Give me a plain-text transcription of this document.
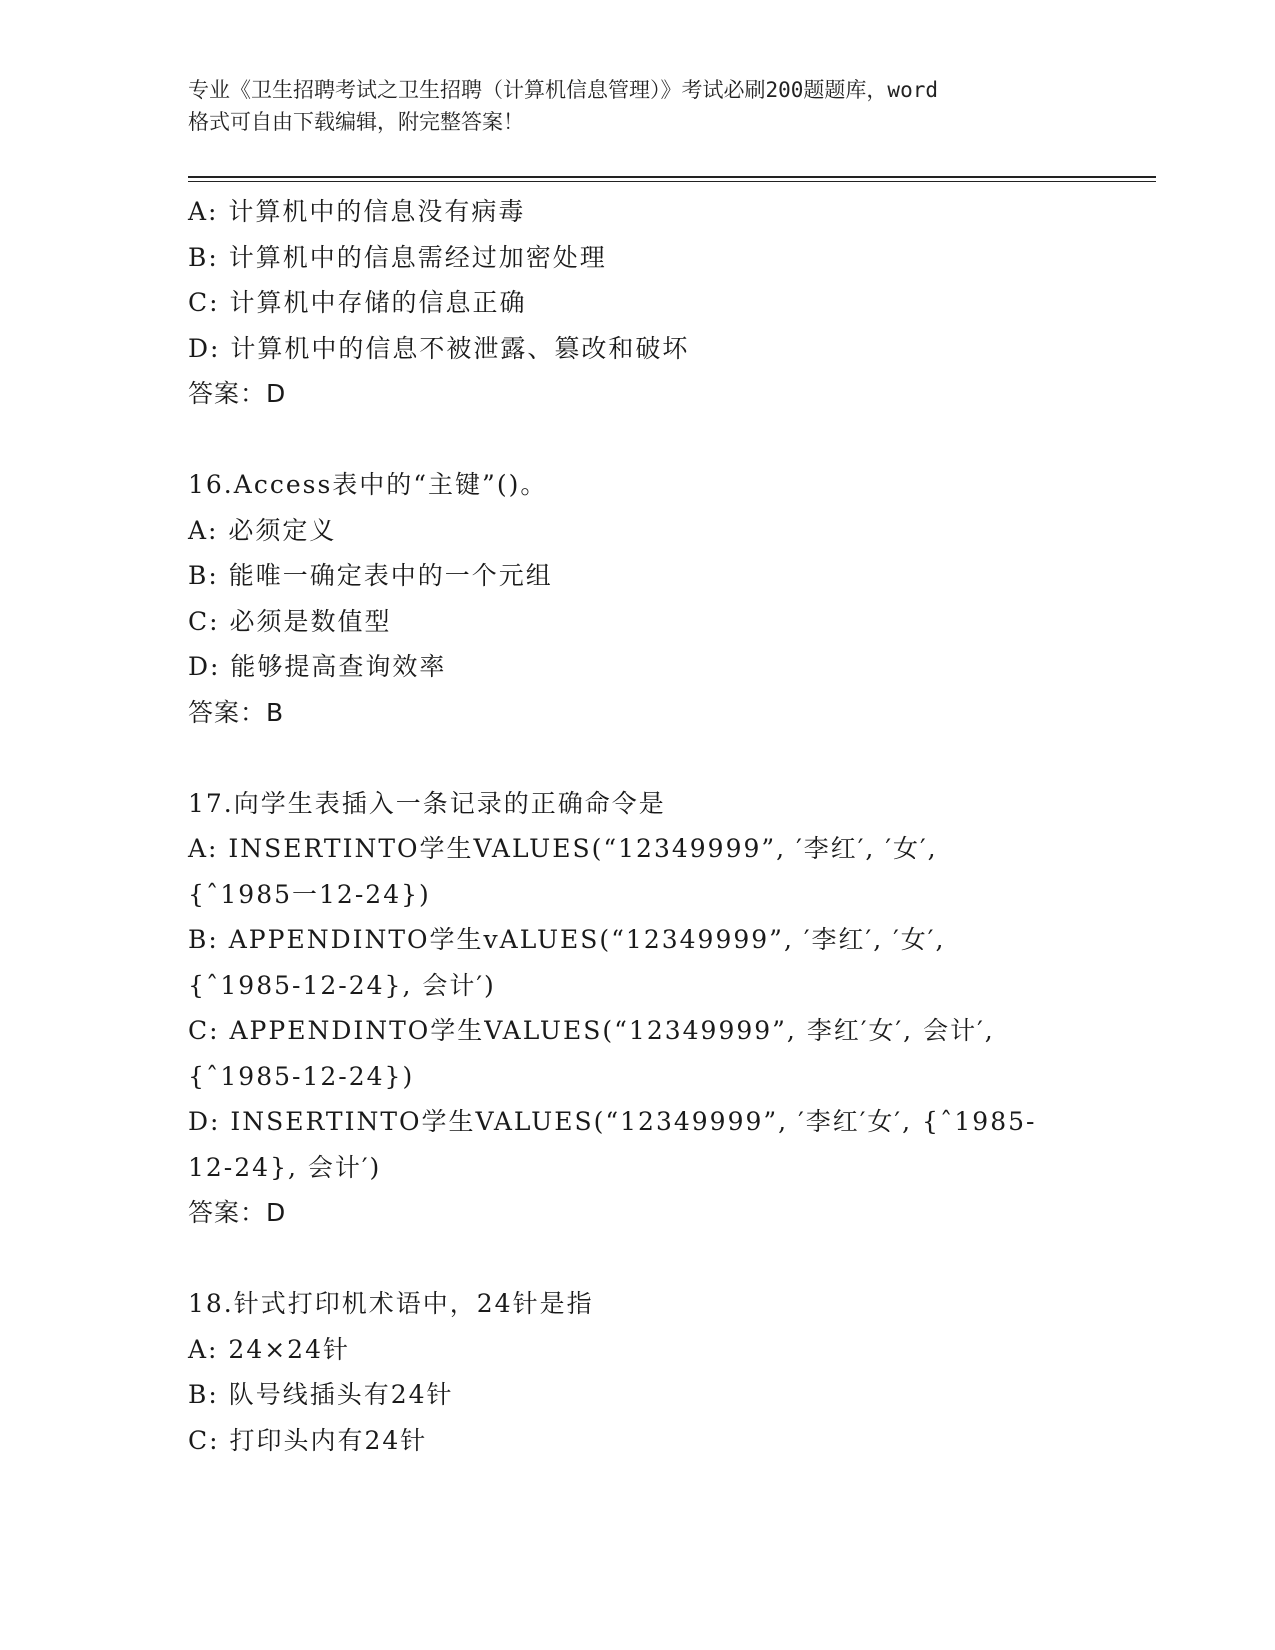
专业《卫生招聘考试之卫生招聘（计算机信息管理）》考试必刷200题题库，word
格式可自由下载编辑，附完整答案！

A: 计算机中的信息没有病毒

B: 计算机中的信息需经过加密处理

C: 计算机中存储的信息正确

D: 计算机中的信息不被泄露、篡改和破坏

答案：D

16.Access表中的“主键”()。

A: 必须定义

B: 能唯一确定表中的一个元组

C: 必须是数值型

D: 能够提高查询效率

答案：B

17.向学生表插入一条记录的正确命令是

A: INSERTINTO学生VALUES(“12349999”, ′李红′, ′女′,

{ˆ1985一12-24})

B: APPENDINTO学生vALUES(“12349999”, ′李红′, ′女′,

{ˆ1985-12-24}, 会计′)

C: APPENDINTO学生VALUES(“12349999”, 李红′女′, 会计′,

{ˆ1985-12-24})

D: INSERTINTO学生VALUES(“12349999”, ′李红′女′, {ˆ1985-

12-24}, 会计′)

答案：D

18.针式打印机术语中，24针是指

A: 24×24针

B: 队号线插头有24针

C: 打印头内有24针
